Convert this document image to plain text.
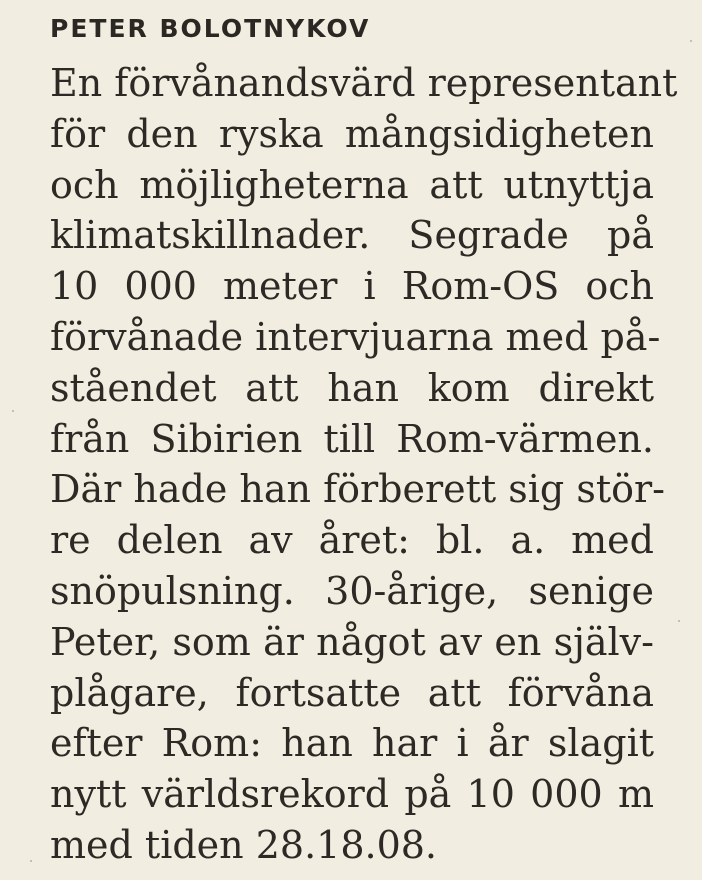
PETER BOLOTNYKOV
En förvånandsvärd representant
för den ryska mångsidigheten
och möjligheterna att utnyttja
klimatskillnader. Segrade på
10 000 meter i Rom-OS och
förvånade intervjuarna med på-
ståendet att han kom direkt
från Sibirien till Rom-värmen.
Där hade han förberett sig stör-
re delen av året: bl. a. med
snöpulsning. 30-årige, senige
Peter, som är något av en själv-
plågare, fortsatte att förvåna
efter Rom: han har i år slagit
nytt världsrekord på 10 000 m
med tiden 28.18.08.
